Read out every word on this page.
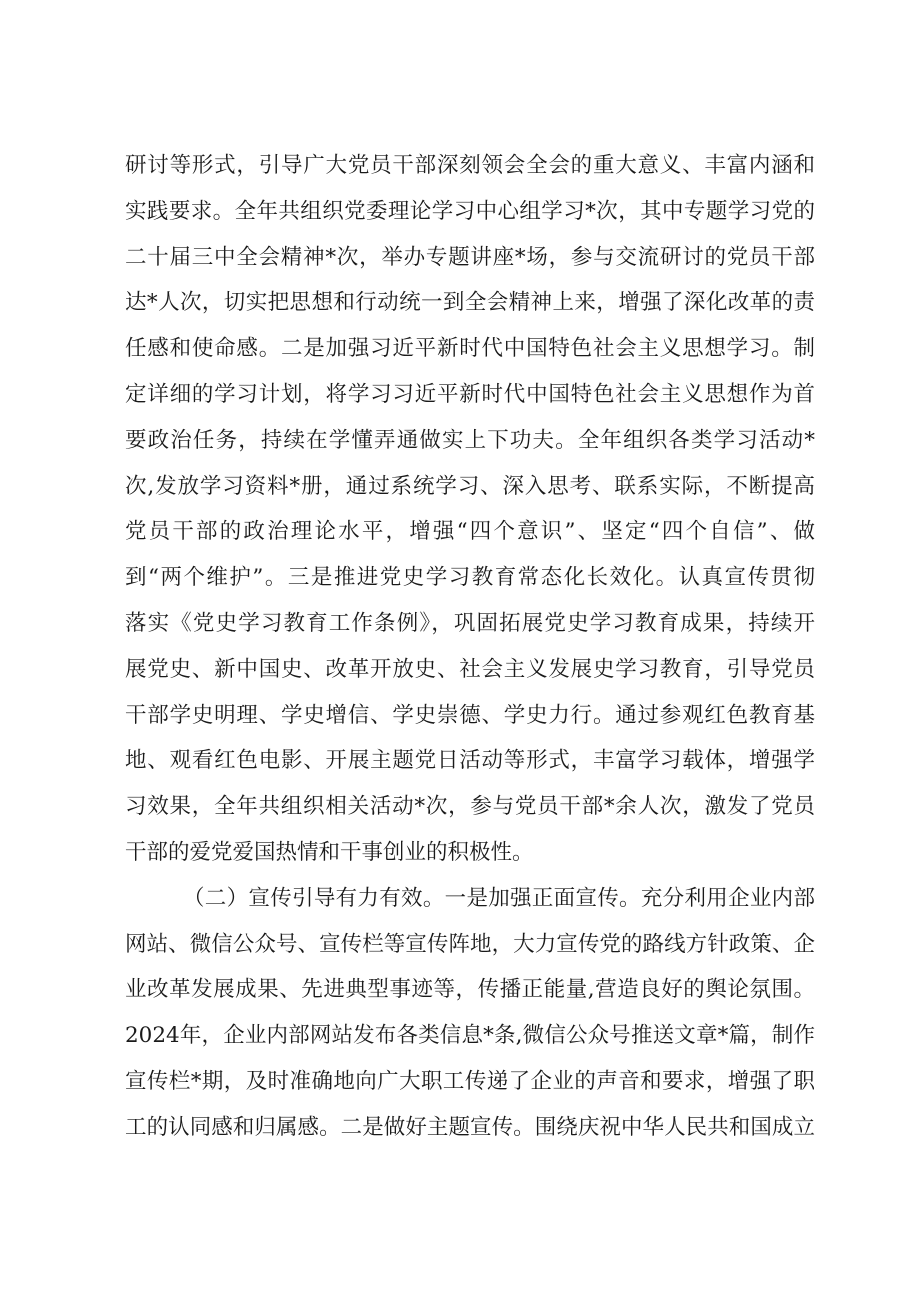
研讨等形式，引导广大党员干部深刻领会全会的重大意义、丰富内涵和
实践要求。全年共组织党委理论学习中心组学习*次，其中专题学习党的
二十届三中全会精神*次，举办专题讲座*场，参与交流研讨的党员干部
达*人次，切实把思想和行动统一到全会精神上来，增强了深化改革的责
任感和使命感。二是加强习近平新时代中国特色社会主义思想学习。制
定详细的学习计划，将学习习近平新时代中国特色社会主义思想作为首
要政治任务，持续在学懂弄通做实上下功夫。全年组织各类学习活动*
次,发放学习资料*册，通过系统学习、深入思考、联系实际，不断提高
党员干部的政治理论水平，增强“四个意识”、坚定“四个自信”、做
到“两个维护”。三是推进党史学习教育常态化长效化。认真宣传贯彻
落实《党史学习教育工作条例》，巩固拓展党史学习教育成果，持续开
展党史、新中国史、改革开放史、社会主义发展史学习教育，引导党员
干部学史明理、学史增信、学史崇德、学史力行。通过参观红色教育基
地、观看红色电影、开展主题党日活动等形式，丰富学习载体，增强学
习效果，全年共组织相关活动*次，参与党员干部*余人次，激发了党员
干部的爱党爱国热情和干事创业的积极性。
（二）宣传引导有力有效。一是加强正面宣传。充分利用企业内部
网站、微信公众号、宣传栏等宣传阵地，大力宣传党的路线方针政策、企
业改革发展成果、先进典型事迹等，传播正能量,营造良好的舆论氛围。
2024年，企业内部网站发布各类信息*条,微信公众号推送文章*篇，制作
宣传栏*期，及时准确地向广大职工传递了企业的声音和要求，增强了职
工的认同感和归属感。二是做好主题宣传。围绕庆祝中华人民共和国成立
